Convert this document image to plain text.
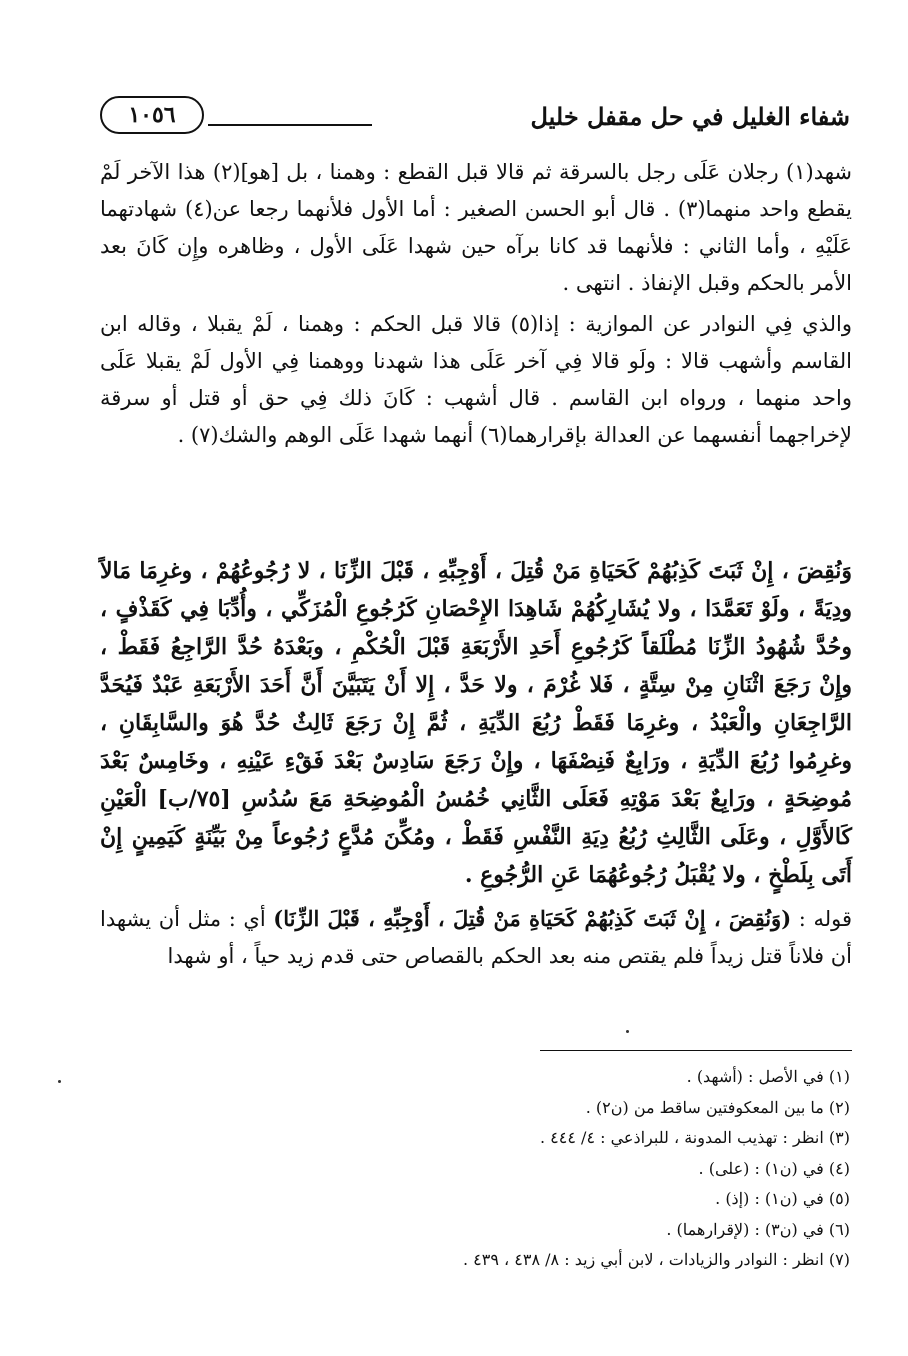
شفاء الغليل في حل مقفل خليل
١٠٥٦

شهد(١) رجلان عَلَى رجل بالسرقة ثم قالا قبل القطع : وهمنا ، بل [هو](٢) هذا الآخر لَمْ يقطع واحد منهما(٣) . قال أبو الحسن الصغير : أما الأول فلأنهما رجعا عن(٤) شهادتهما عَلَيْهِ ، وأما الثاني : فلأنهما قد كانا برآه حين شهدا عَلَى الأول ، وظاهره وإِن كَانَ بعد الأمر بالحكم وقبل الإنفاذ . انتهى .

والذي فِي النوادر عن الموازية : إذا(٥) قالا قبل الحكم : وهمنا ، لَمْ يقبلا ، وقاله ابن القاسم وأشهب قالا : ولَو قالا فِي آخر عَلَى هذا شهدنا ووهمنا فِي الأول لَمْ يقبلا عَلَى واحد منهما ، ورواه ابن القاسم . قال أشهب : كَانَ ذلك فِي حق أو قتل أو سرقة لإخراجهما أنفسهما عن العدالة بإقرارهما(٦) أنهما شهدا عَلَى الوهم والشك(٧) .

وَنُقِضَ ، إِنْ ثَبَتَ كَذِبُهُمْ كَحَيَاةِ مَنْ قُتِلَ ، أَوْجِبِّهِ ، قَبْلَ الزِّنَا ، لا رُجُوعُهُمْ ، وغرِمَا مَالاً ودِيَةً ، ولَوْ تَعَمَّدَا ، ولا يُشَارِكُهُمْ شَاهِدَا الإِحْصَانِ كَرُجُوعِ الْمُزَكِّي ، وأُدِّبَا فِي كَقَذْفٍ ، وحُدَّ شُهُودُ الزِّنَا مُطْلَقاً كَرُجُوعِ أَحَدِ الأَرْبَعَةِ قَبْلَ الْحُكْمِ ، وبَعْدَهُ حُدَّ الرَّاجِعُ فَقَطْ ، وإِنْ رَجَعَ اثْنَانِ مِنْ سِتَّةٍ ، فَلا غُرْمَ ، ولا حَدَّ ، إِلا أَنْ يَتَبَيَّنَ أَنَّ أَحَدَ الأَرْبَعَةِ عَبْدٌ فَيُحَدَّ الرَّاجِعَانِ والْعَبْدُ ، وغرِمَا فَقَطْ رُبُعَ الدِّيَةِ ، ثُمَّ إِنْ رَجَعَ ثَالِثٌ حُدَّ هُوَ والسَّابِقَانِ ، وغرِمُوا رُبُعَ الدِّيَةِ ، ورَابِعٌ فَنِصْفَهَا ، وإِنْ رَجَعَ سَادِسٌ بَعْدَ فَقْءِ عَيْنِهِ ، وخَامِسٌ بَعْدَ مُوضِحَةٍ ، ورَابِعٌ بَعْدَ مَوْتِهِ فَعَلَى الثَّانِي خُمُسُ الْمُوضِحَةِ مَعَ سُدُسِ [٧٥/ب] الْعَيْنِ كَالأَوَّلِ ، وعَلَى الثَّالِثِ رُبُعُ دِيَةِ النَّفْسِ فَقَطْ ، ومُكِّنَ مُدَّعٍ رُجُوعاً مِنْ بَيِّنَةٍ كَيَمِينٍ إِنْ أَتَى بِلَطْخٍ ، ولا يُقْبَلُ رُجُوعُهُمَا عَنِ الرُّجُوعِ .

قوله : (وَنُقِضَ ، إِنْ ثَبَتَ كَذِبُهُمْ كَحَيَاةِ مَنْ قُتِلَ ، أَوْجِبِّهِ ، قَبْلَ الزِّنَا) أي : مثل أن يشهدا أن فلاناً قتل زيداً فلم يقتص منه بعد الحكم بالقصاص حتى قدم زيد حياً ، أو شهدا

(١) في الأصل : (أشهد) .

(٢) ما بين المعكوفتين ساقط من (ن٢) .

(٣) انظر : تهذيب المدونة ، للبراذعي : ٤/ ٤٤٤ .

(٤) في (ن١) : (على) .

(٥) في (ن١) : (إذ) .

(٦) في (ن٣) : (لإقرارهما) .

(٧) انظر : النوادر والزيادات ، لابن أبي زيد : ٨/ ٤٣٨ ، ٤٣٩ .
